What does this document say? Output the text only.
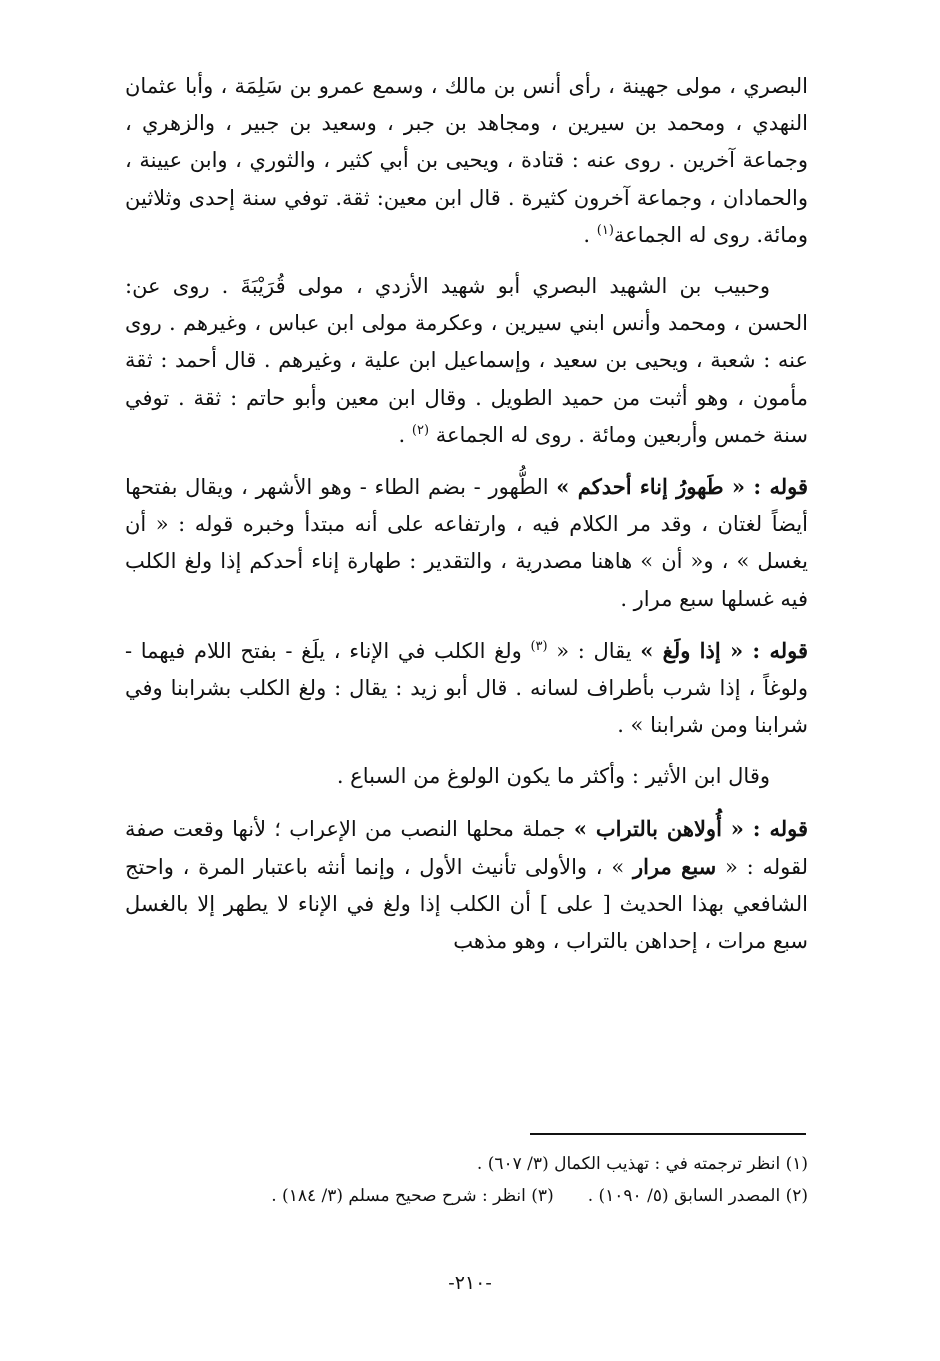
البصري ، مولى جهينة ، رأى أنس بن مالك ، وسمع عمرو بن سَلِمَة ، وأبا عثمان النهدي ، ومحمد بن سيرين ، ومجاهد بن جبر ، وسعيد بن جبير ، والزهري ، وجماعة آخرين . روى عنه : قتادة ، ويحيى بن أبي كثير ، والثوري ، وابن عيينة ، والحمادان ، وجماعة آخرون كثيرة . قال ابن معين: ثقة. توفي سنة إحدى وثلاثين ومائة. روى له الجماعة$^{(١)}$ .

وحبيب بن الشهيد البصري أبو شهيد الأزدي ، مولى قُرَيْبَةَ . روى عن: الحسن ، ومحمد وأنس ابني سيرين ، وعكرمة مولى ابن عباس ، وغيرهم . روى عنه : شعبة ، ويحيى بن سعيد ، وإسماعيل ابن علية ، وغيرهم . قال أحمد : ثقة مأمون ، وهو أثبت من حميد الطويل . وقال ابن معين وأبو حاتم : ثقة . توفي سنة خمس وأربعين ومائة . روى له الجماعة $^{(٢)}$ .

قوله : « طَهورُ إناء أحدكم » الطُّهور - بضم الطاء - وهو الأشهر ، ويقال بفتحها أيضاً لغتان ، وقد مر الكلام فيه ، وارتفاعه على أنه مبتدأ وخبره قوله : « أن يغسل » ، و« أن » هاهنا مصدرية ، والتقدير : طهارة إناء أحدكم إذا ولغ الكلب فيه غسلها سبع مرار .

قوله : « إذا ولَغ » يقال : « $^{(٣)}$ ولغ الكلب في الإناء ، يلَغ - بفتح اللام فيهما - ولوغاً ، إذا شرب بأطراف لسانه . قال أبو زيد : يقال : ولغ الكلب بشرابنا وفي شرابنا ومن شرابنا » .

وقال ابن الأثير : وأكثر ما يكون الولوغ من السباع .

قوله : « أُولاهن بالتراب » جملة محلها النصب من الإعراب ؛ لأنها وقعت صفة لقوله : « سبع مرار » ، والأولى تأنيث الأول ، وإنما أنثه باعتبار المرة ، واحتج الشافعي بهذا الحديث [ على ] أن الكلب إذا ولغ في الإناء لا يطهر إلا بالغسل سبع مرات ، إحداهن بالتراب ، وهو مذهب

(١) انظر ترجمته في : تهذيب الكمال (٣/ ٦٠٧) .
(٢) المصدر السابق (٥/ ١٠٩٠) .(٣) انظر : شرح صحيح مسلم (٣/ ١٨٤) .
-٢١٠-
